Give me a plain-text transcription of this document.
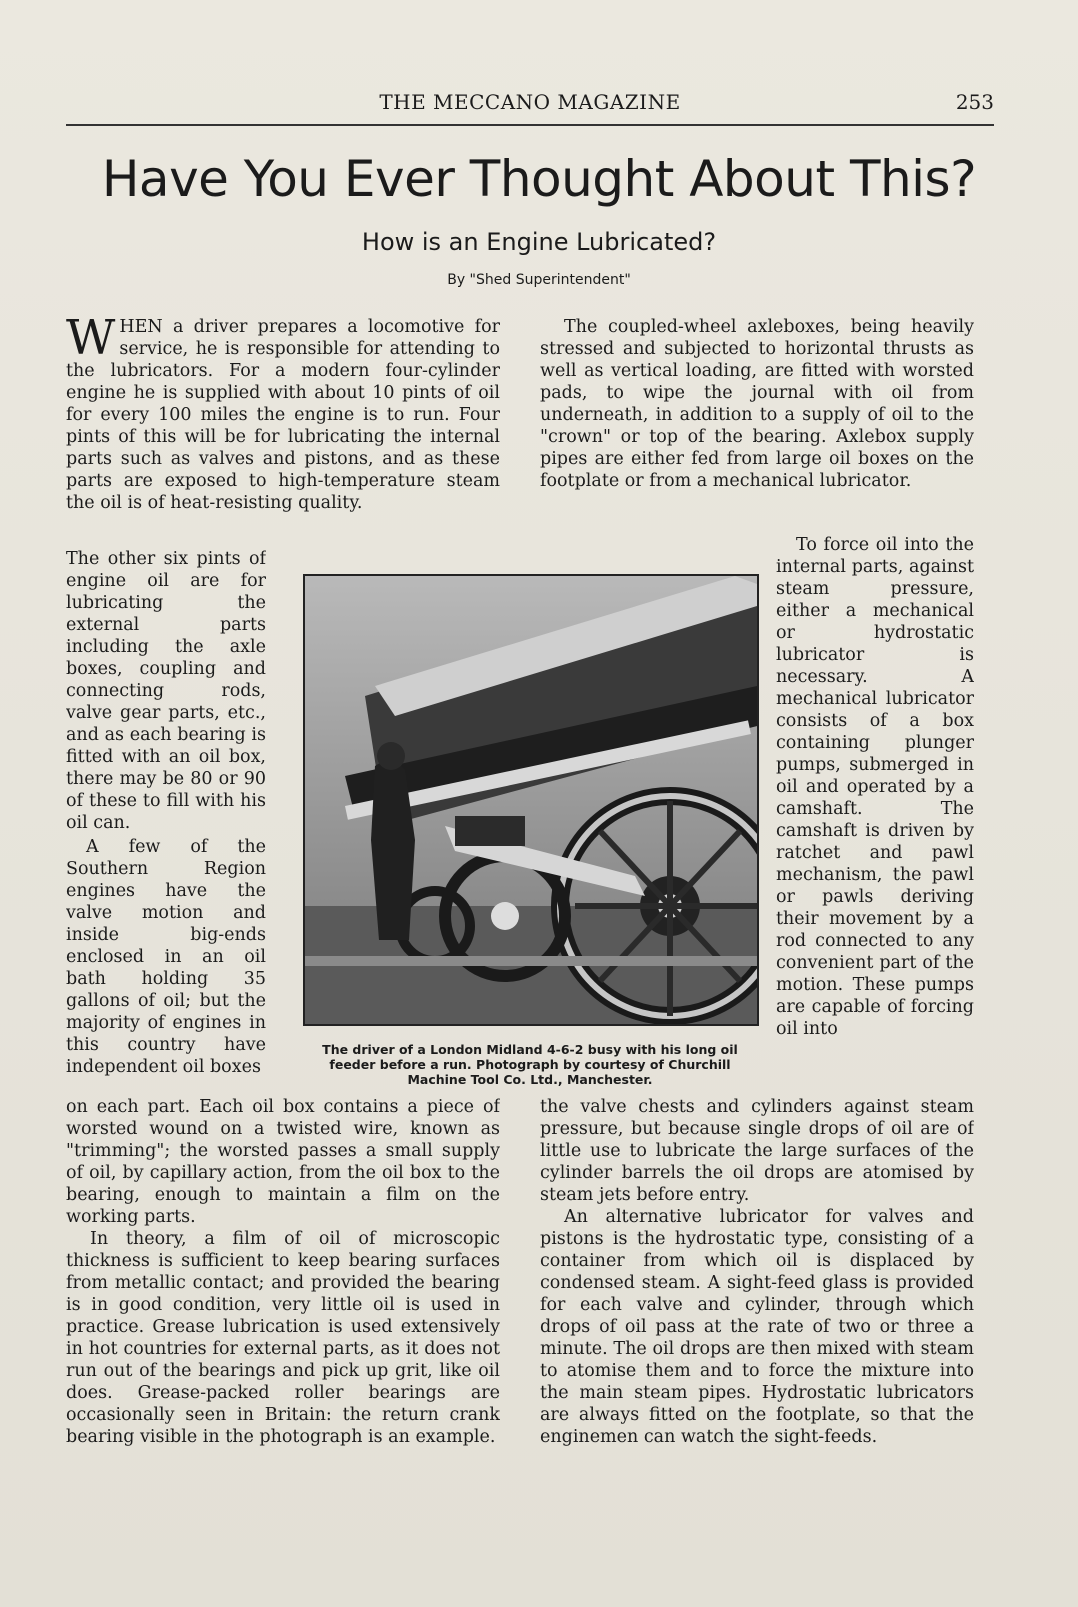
THE MECCANO MAGAZINE	253
Have You Ever Thought About This?
How is an Engine Lubricated?
By "Shed Superintendent"

WHEN a driver prepares a locomotive for service, he is responsible for attending to the lubricators. For a modern four-cylinder engine he is supplied with about 10 pints of oil for every 100 miles the engine is to run. Four pints of this will be for lubricating the internal parts such as valves and pistons, and as these parts are exposed to high-temperature steam the oil is of heat-resisting quality.

The other six pints of engine oil are for lubricating the external parts including the axle boxes, coupling and connecting rods, valve gear parts, etc., and as each bearing is fitted with an oil box, there may be 80 or 90 of these to fill with his oil can.

A few of the Southern Region engines have the valve motion and inside big-ends enclosed in an oil bath holding 35 gallons of oil; but the majority of engines in this country have independent oil boxes

on each part. Each oil box contains a piece of worsted wound on a twisted wire, known as "trimming"; the worsted passes a small supply of oil, by capillary action, from the oil box to the bearing, enough to maintain a film on the working parts.

In theory, a film of oil of microscopic thickness is sufficient to keep bearing surfaces from metallic contact; and provided the bearing is in good condition, very little oil is used in practice. Grease lubrication is used extensively in hot countries for external parts, as it does not run out of the bearings and pick up grit, like oil does. Grease-packed roller bearings are occasionally seen in Britain: the return crank bearing visible in the photograph is an example.

The coupled-wheel axleboxes, being heavily stressed and subjected to horizontal thrusts as well as vertical loading, are fitted with worsted pads, to wipe the journal with oil from underneath, in addition to a supply of oil to the "crown" or top of the bearing. Axlebox supply pipes are either fed from large oil boxes on the footplate or from a mechanical lubricator.

To force oil into the internal parts, against steam pressure, either a mechanical or hydrostatic lubricator is necessary. A mechanical lubricator consists of a box containing plunger pumps, submerged in oil and operated by a camshaft. The camshaft is driven by ratchet and pawl mechanism, the pawl or pawls deriving their movement by a rod connected to any convenient part of the motion. These pumps are capable of forcing oil into

the valve chests and cylinders against steam pressure, but because single drops of oil are of little use to lubricate the large surfaces of the cylinder barrels the oil drops are atomised by steam jets before entry.

An alternative lubricator for valves and pistons is the hydrostatic type, consisting of a container from which oil is displaced by condensed steam. A sight-feed glass is provided for each valve and cylinder, through which drops of oil pass at the rate of two or three a minute. The oil drops are then mixed with steam to atomise them and to force the mixture into the main steam pipes. Hydrostatic lubricators are always fitted on the footplate, so that the enginemen can watch the sight-feeds.

The driver of a London Midland 4-6-2 busy with his long oil feeder before a run. Photograph by courtesy of Churchill Machine Tool Co. Ltd., Manchester.
